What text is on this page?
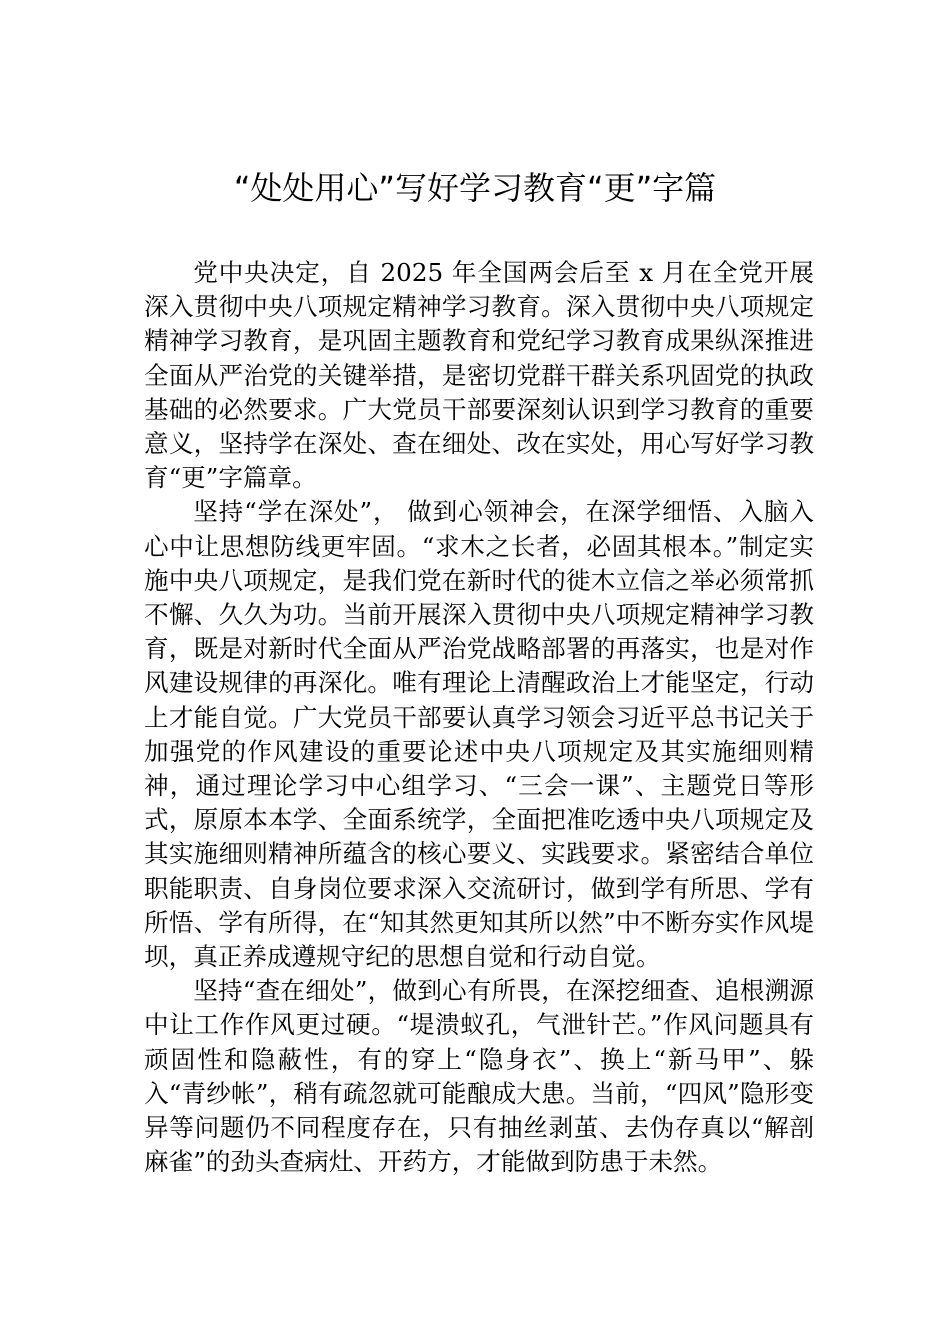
“处处用心”写好学习教育“更”字篇

党中央决定，自 2025 年全国两会后至 x 月在全党开展深入贯彻中央八项规定精神学习教育。深入贯彻中央八项规定精神学习教育，是巩固主题教育和党纪学习教育成果纵深推进全面从严治党的关键举措，是密切党群干群关系巩固党的执政基础的必然要求。广大党员干部要深刻认识到学习教育的重要意义，坚持学在深处、查在细处、改在实处，用心写好学习教育“更”字篇章。

坚持“学在深处”， 做到心领神会，在深学细悟、入脑入心中让思想防线更牢固。“求木之长者，必固其根本。”制定实施中央八项规定，是我们党在新时代的徙木立信之举必须常抓不懈、久久为功。当前开展深入贯彻中央八项规定精神学习教育，既是对新时代全面从严治党战略部署的再落实，也是对作风建设规律的再深化。唯有理论上清醒政治上才能坚定，行动上才能自觉。广大党员干部要认真学习领会习近平总书记关于加强党的作风建设的重要论述中央八项规定及其实施细则精神，通过理论学习中心组学习、“三会一课”、主题党日等形式，原原本本学、全面系统学，全面把准吃透中央八项规定及其实施细则精神所蕴含的核心要义、实践要求。紧密结合单位职能职责、自身岗位要求深入交流研讨，做到学有所思、学有所悟、学有所得，在“知其然更知其所以然”中不断夯实作风堤坝，真正养成遵规守纪的思想自觉和行动自觉。

坚持“查在细处”，做到心有所畏，在深挖细查、追根溯源中让工作作风更过硬。“堤溃蚁孔，气泄针芒。”作风问题具有顽固性和隐蔽性，有的穿上“隐身衣”、换上“新马甲”、躲入“青纱帐”，稍有疏忽就可能酿成大患。当前，“四风”隐形变异等问题仍不同程度存在，只有抽丝剥茧、去伪存真以“解剖麻雀”的劲头查病灶、开药方，才能做到防患于未然。
